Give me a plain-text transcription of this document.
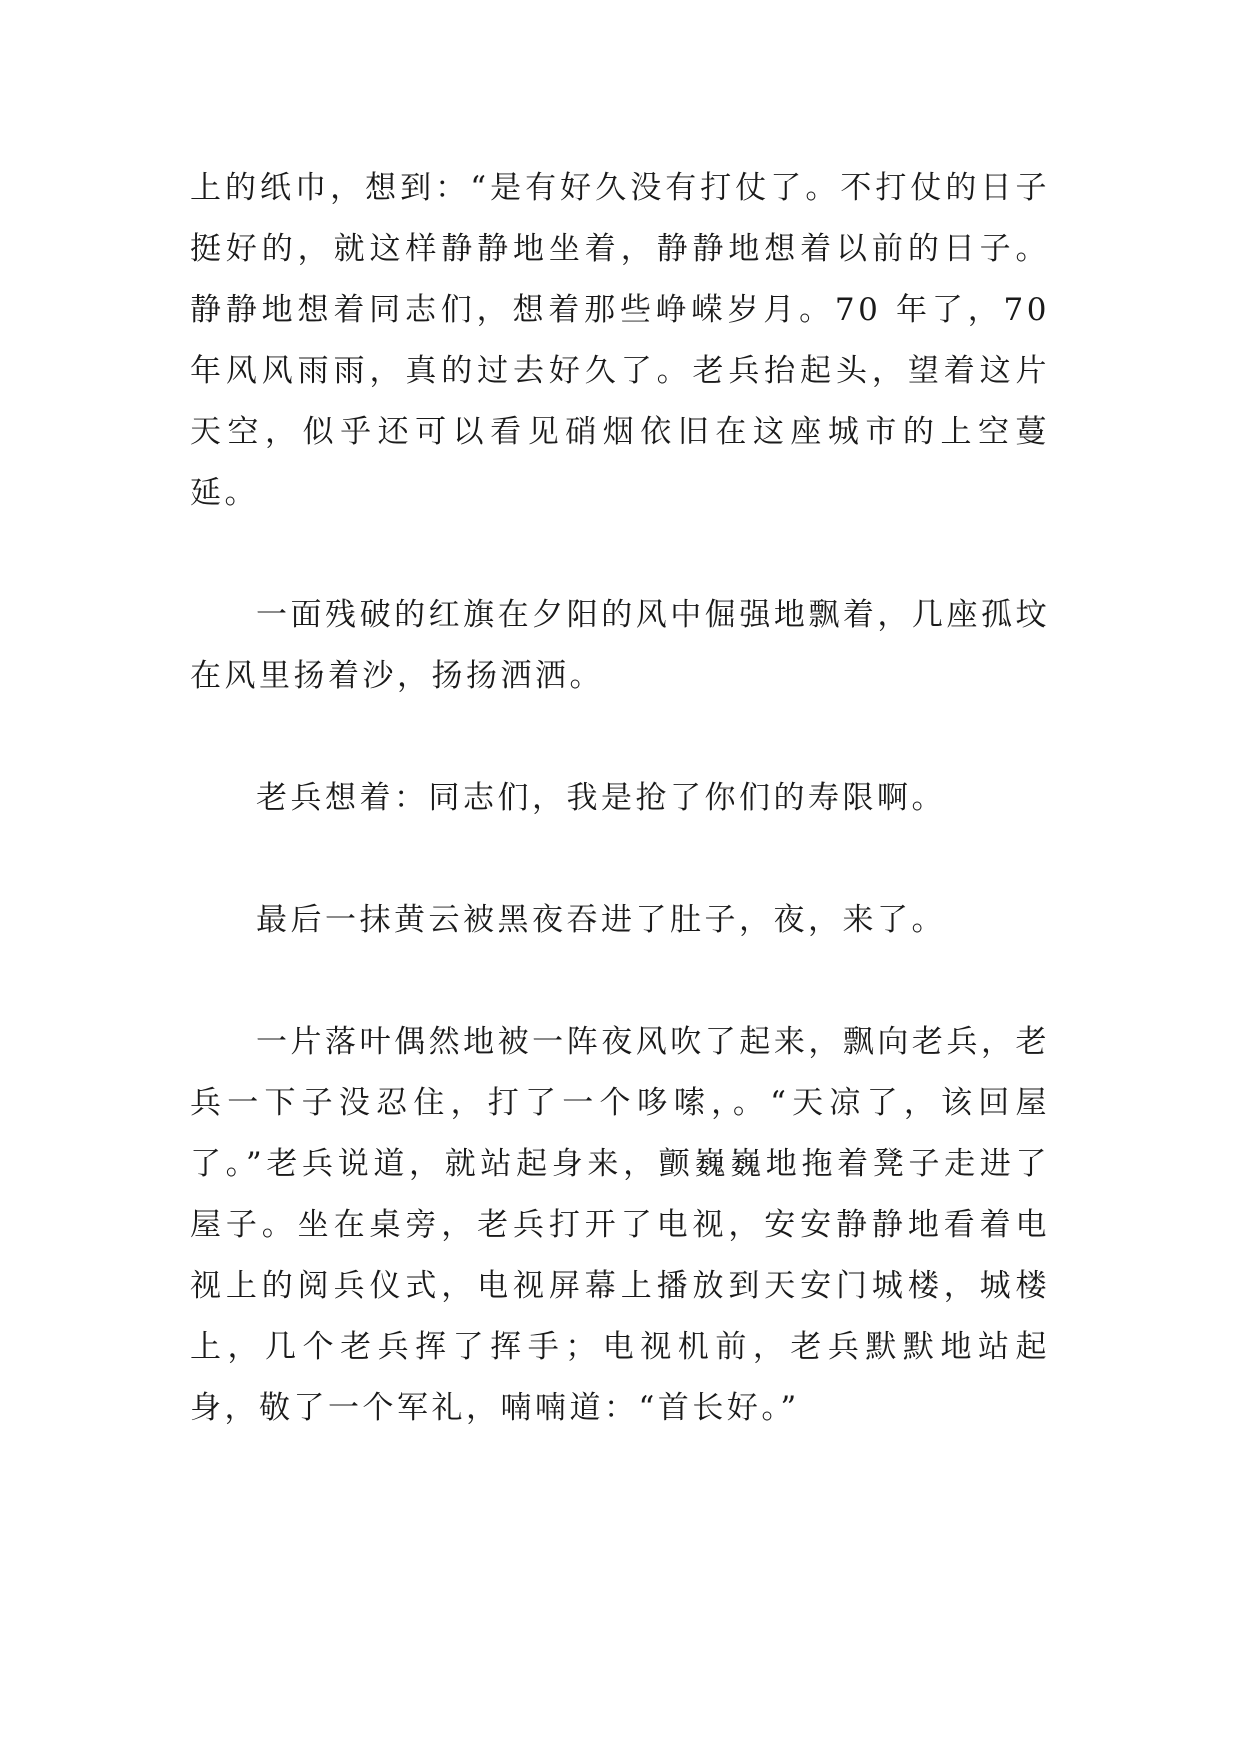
上的纸巾，想到：“是有好久没有打仗了。不打仗的日子挺好的，就这样静静地坐着，静静地想着以前的日子。静静地想着同志们，想着那些峥嵘岁月。70 年了，70 年风风雨雨，真的过去好久了。老兵抬起头，望着这片天空，似乎还可以看见硝烟依旧在这座城市的上空蔓延。

一面残破的红旗在夕阳的风中倔强地飘着，几座孤坟在风里扬着沙，扬扬洒洒。

老兵想着：同志们，我是抢了你们的寿限啊。

最后一抹黄云被黑夜吞进了肚子，夜，来了。

一片落叶偶然地被一阵夜风吹了起来，飘向老兵，老兵一下子没忍住，打了一个哆嗦，。“天凉了，该回屋了。”老兵说道，就站起身来，颤巍巍地拖着凳子走进了屋子。坐在桌旁，老兵打开了电视，安安静静地看着电视上的阅兵仪式，电视屏幕上播放到天安门城楼，城楼上，几个老兵挥了挥手；电视机前，老兵默默地站起身，敬了一个军礼，喃喃道：“首长好。”
